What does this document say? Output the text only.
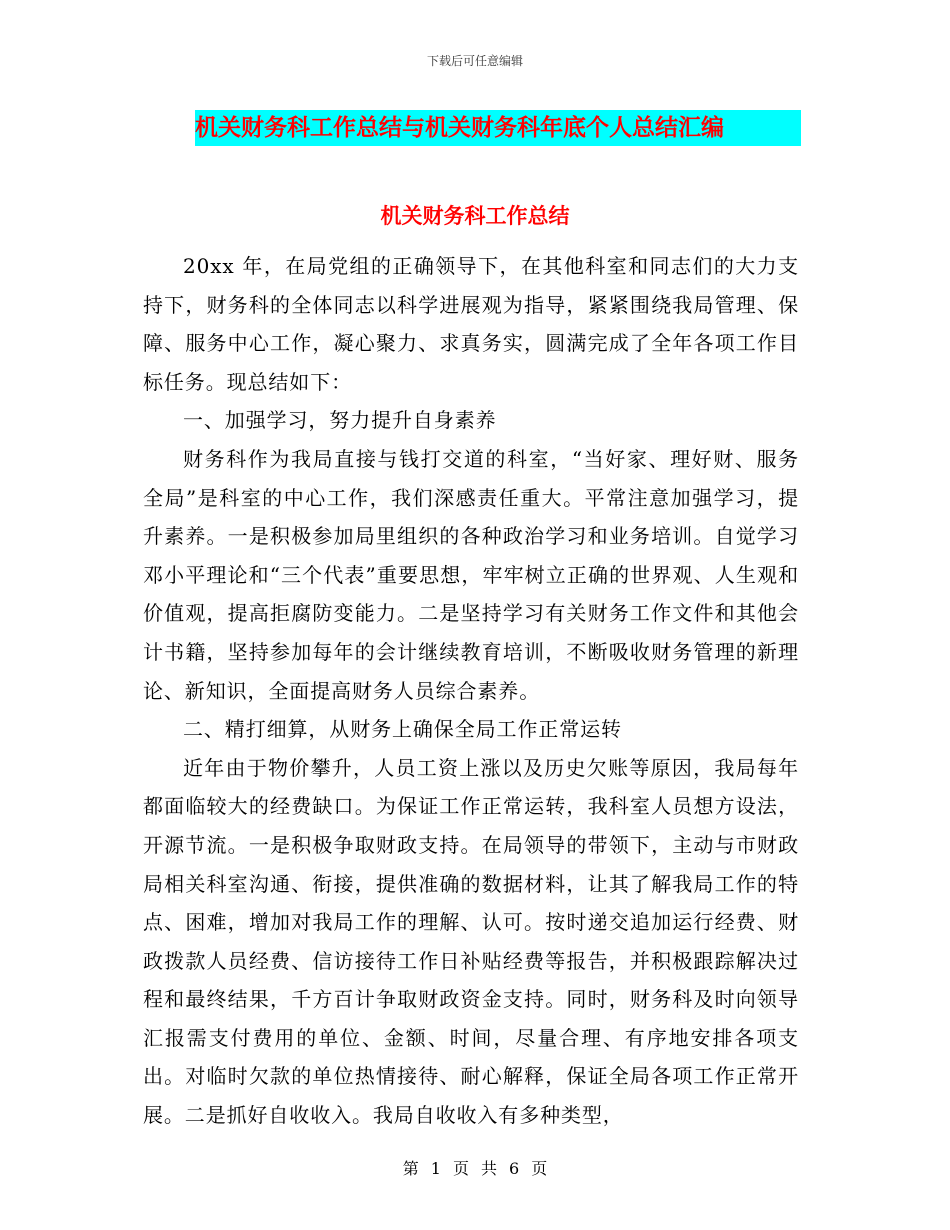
下载后可任意编辑
机关财务科工作总结与机关财务科年底个人总结汇编
机关财务科工作总结

20xx 年，在局党组的正确领导下，在其他科室和同志们的大力支持下，财务科的全体同志以科学进展观为指导，紧紧围绕我局管理、保障、服务中心工作，凝心聚力、求真务实，圆满完成了全年各项工作目标任务。现总结如下：

一、加强学习，努力提升自身素养

财务科作为我局直接与钱打交道的科室，“当好家、理好财、服务全局”是科室的中心工作，我们深感责任重大。平常注意加强学习，提升素养。一是积极参加局里组织的各种政治学习和业务培训。自觉学习邓小平理论和“三个代表”重要思想，牢牢树立正确的世界观、人生观和价值观，提高拒腐防变能力。二是坚持学习有关财务工作文件和其他会计书籍，坚持参加每年的会计继续教育培训，不断吸收财务管理的新理论、新知识，全面提高财务人员综合素养。

二、精打细算，从财务上确保全局工作正常运转

近年由于物价攀升，人员工资上涨以及历史欠账等原因，我局每年都面临较大的经费缺口。为保证工作正常运转，我科室人员想方设法，开源节流。一是积极争取财政支持。在局领导的带领下，主动与市财政局相关科室沟通、衔接，提供准确的数据材料，让其了解我局工作的特点、困难，增加对我局工作的理解、认可。按时递交追加运行经费、财政拨款人员经费、信访接待工作日补贴经费等报告，并积极跟踪解决过程和最终结果，千方百计争取财政资金支持。同时，财务科及时向领导汇报需支付费用的单位、金额、时间，尽量合理、有序地安排各项支出。对临时欠款的单位热情接待、耐心解释，保证全局各项工作正常开展。二是抓好自收收入。我局自收收入有多种类型，

第 1 页 共 6 页
